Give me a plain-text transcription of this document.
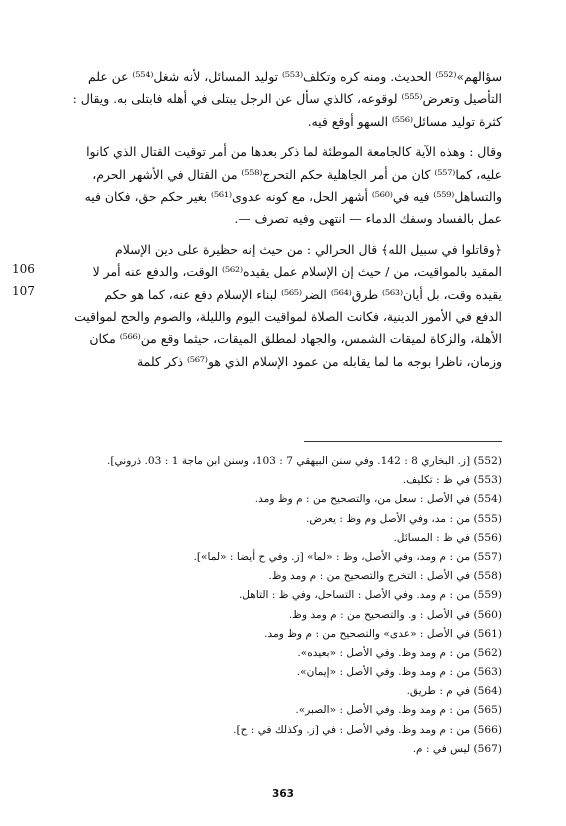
سؤالهم»⁽⁵⁵²⁾ الحديث. ومنه كره وتكلف⁽⁵⁵³⁾ توليد المسائل، لأنه شغل⁽⁵⁵⁴⁾ عن علم
التأصيل وتعرض⁽⁵⁵⁵⁾ لوقوعه، كالذي سأل عن الرجل يبتلى في أهله فابتلى به. ويقال :
كثرة توليد مسائل⁽⁵⁵⁶⁾ السهو أوقع فيه.
وقال : وهذه الآية كالجامعة الموطئة لما ذكر بعدها من أمر توقيت القتال الذي كانوا
عليه، كما⁽⁵⁵⁷⁾ كان من أمر الجاهلية حكم التحرج⁽⁵⁵⁸⁾ من القتال في الأشهر الحرم،
والتساهل⁽⁵⁵⁹⁾ فيه في⁽⁵⁶⁰⁾ أشهر الحل، مع كونه عدوى⁽⁵⁶¹⁾ بغير حكم حق، فكان فيه
عمل بالفساد وسفك الدماء — انتهى وفيه تصرف —.
﴿وقاتلوا في سبيل الله﴾ قال الحرالي : من حيث إنه حظيرة على دين الإسلام
المقيد بالمواقيت، من / حيث إن الإسلام عمل يقيده⁽⁵⁶²⁾ الوقت، والدفع عنه أمر لا
يقيده وقت، بل أيان⁽⁵⁶³⁾ طرق⁽⁵⁶⁴⁾ الضر⁽⁵⁶⁵⁾ لبناء الإسلام دفع عنه، كما هو حكم
الدفع في الأمور الدينية، فكانت الصلاة لمواقيت اليوم والليلة، والصوم والحج لمواقيت
الأهلة، والزكاة لميقات الشمس، والجهاد لمطلق الميقات، حيثما وقع من⁽⁵⁶⁶⁾ مكان
وزمان، ناظرا بوجه ما لما يقابله من عمود الإسلام الذي هو⁽⁵⁶⁷⁾ ذكر كلمة
106
107
(552) [ز. البخاري 8 : 142. وفي سنن البيهقي 7 : 103، وسنن ابن ماجة 1 : 03. ذروني].
(553) في ظ : تكليف.
(554) في الأصل : سعل من، والتصحيح من : م وظ ومد.
(555) من : مد، وفي الأصل وم وظ : يعرض.
(556) في ظ : المسائل.
(557) من : م ومد، وفي الأصل، وظ : «لما» [ز. وفي ح أيضا : «لما»].
(558) في الأصل : التخرج والتصحيح من : م ومد وظ.
(559) من : م ومد. وفي الأصل : التساحل، وفي ظ : التاهل.
(560) في الأصل : و. والتصحيح من : م ومد وظ.
(561) في الأصل : «عدى» والتصحيح من : م وظ ومد.
(562) من : م ومد وظ. وفي الأصل : «بعيده».
(563) من : م ومد وظ. وفي الأصل : «إيمان».
(564) في م : طريق.
(565) من : م ومد وظ. وفي الأصل : «الصبر».
(566) من : م ومد وظ. وفي الأصل : في [ز. وكذلك في : ح].
(567) ليس في : م.
363
